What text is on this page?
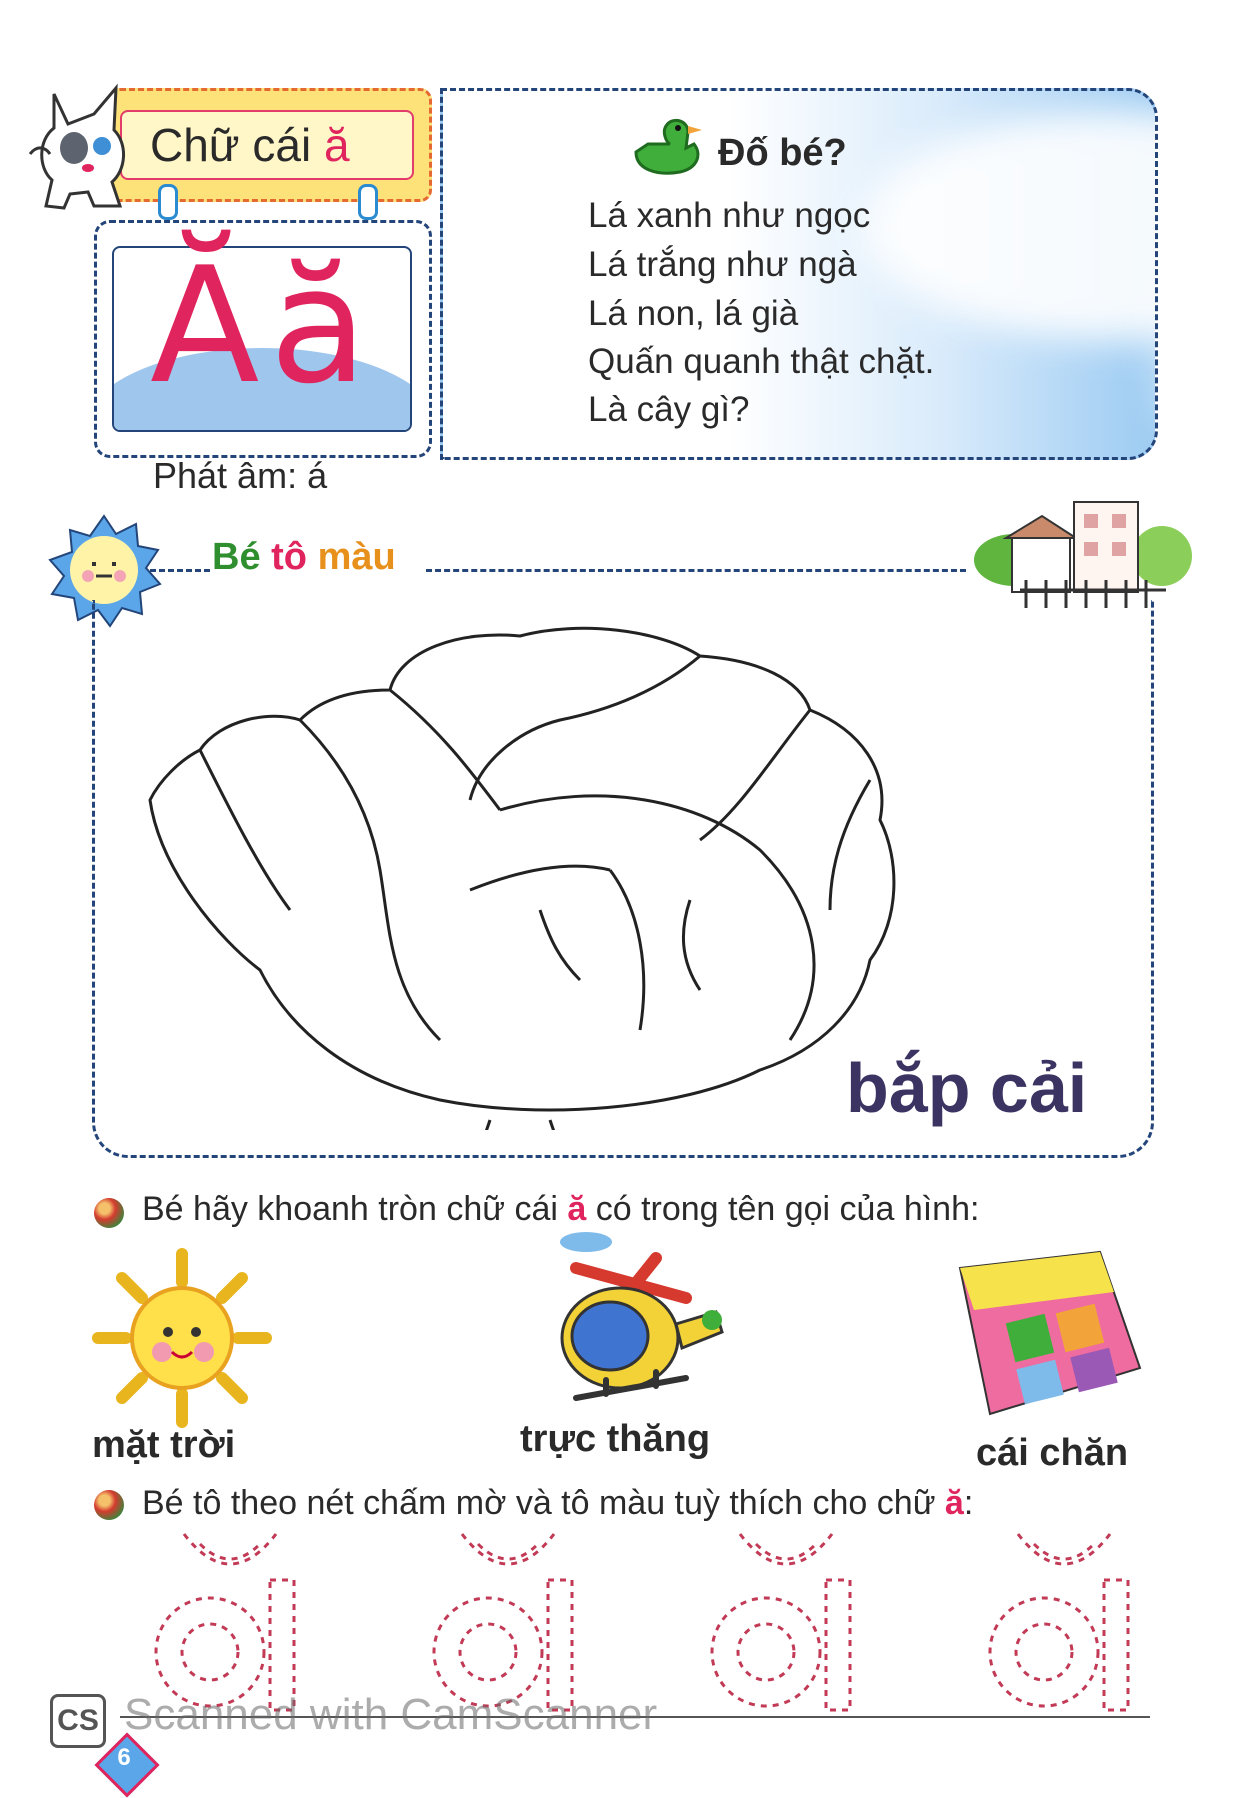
Chữ cái ă
Ăă
Phát âm: á
Đố bé?
Lá xanh như ngọc
Lá trắng như ngà
Lá non, lá già
Quấn quanh thật chặt.
Là cây gì?
Bé tô màu
bắp cải
Bé hãy khoanh tròn chữ cái ă có trong tên gọi của hình:
mặt trời	trực thăng	cái chăn
Bé tô theo nét chấm mờ và tô màu tuỳ thích cho chữ ă:
CS Scanned with CamScanner
6
